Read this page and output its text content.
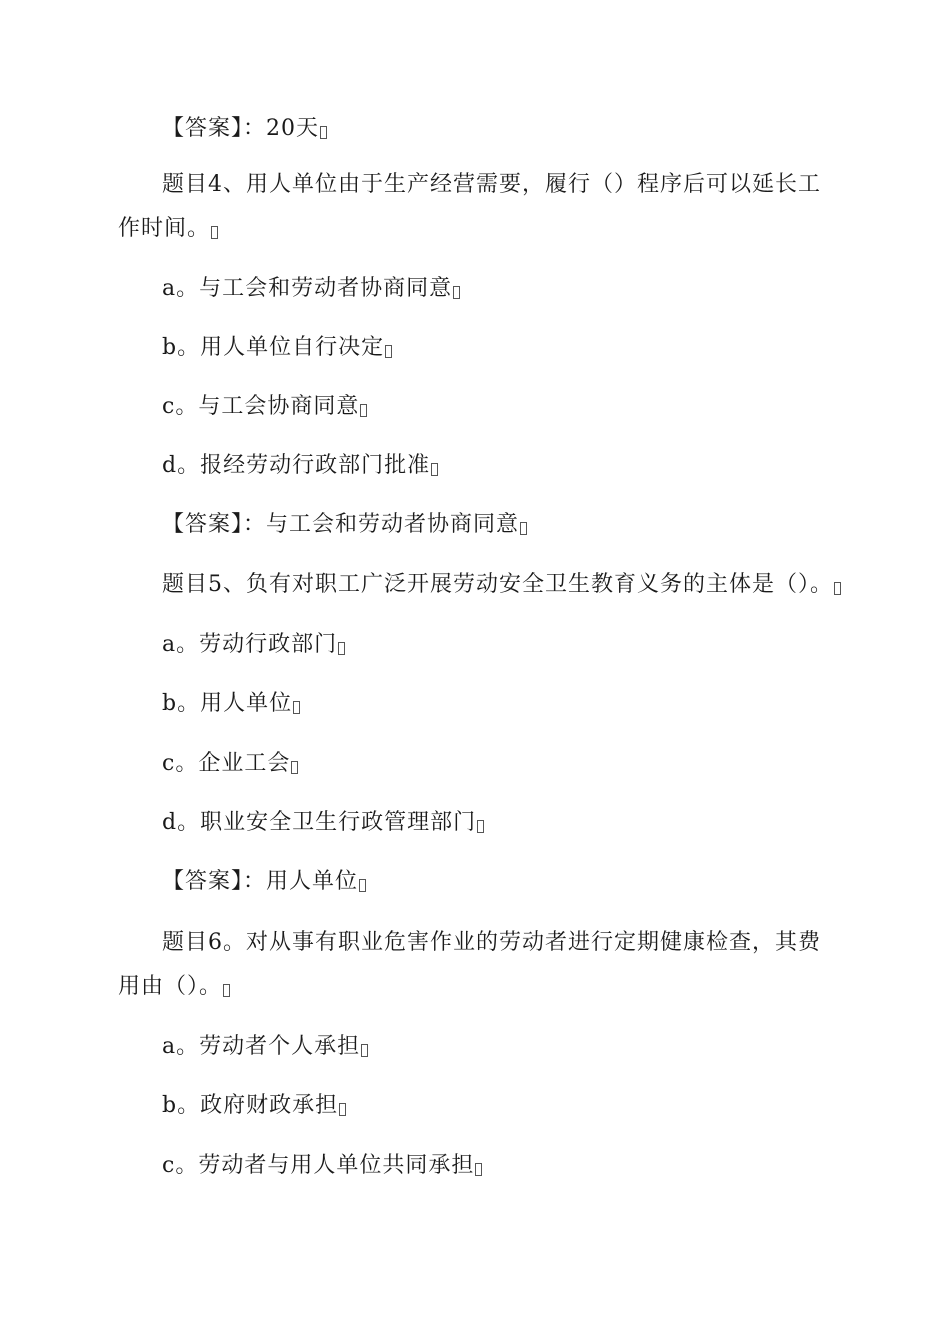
【答案】：20天
题目4、用人单位由于生产经营需要，履行（）程序后可以延长工作时间。
a。与工会和劳动者协商同意
b。用人单位自行决定
c。与工会协商同意
d。报经劳动行政部门批准
【答案】：与工会和劳动者协商同意
题目5、负有对职工广泛开展劳动安全卫生教育义务的主体是（）。
a。劳动行政部门
b。用人单位
c。企业工会
d。职业安全卫生行政管理部门
【答案】：用人单位
题目6。对从事有职业危害作业的劳动者进行定期健康检查，其费用由（）。
a。劳动者个人承担
b。政府财政承担
c。劳动者与用人单位共同承担
